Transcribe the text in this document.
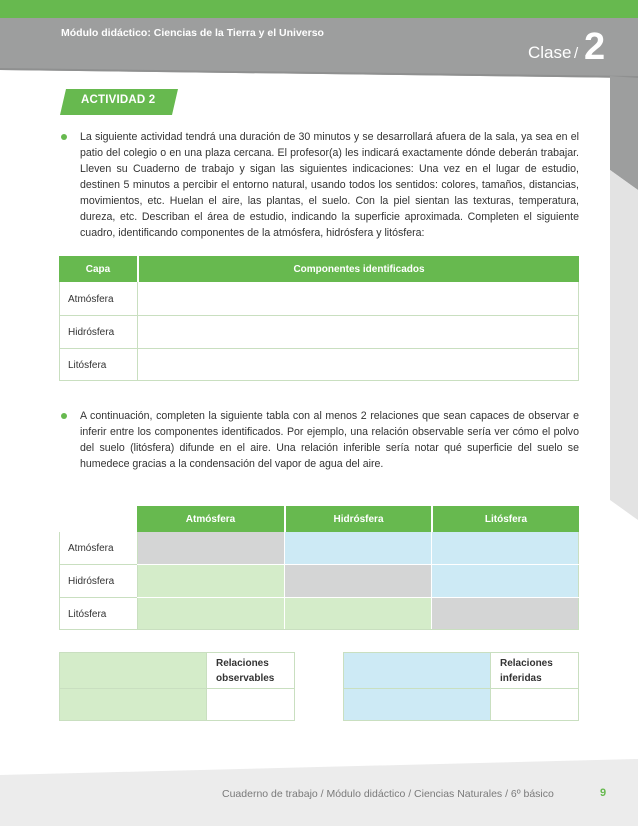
Módulo didáctico: Ciencias de la Tierra y el Universo
Clase / 2
ACTIVIDAD 2

La siguiente actividad tendrá una duración de 30 minutos y se desarrollará afuera de la sala, ya sea en el patio del colegio o en una plaza cercana. El profesor(a) les indicará exactamente dónde deberán trabajar. Lleven su Cuaderno de trabajo y sigan las siguientes indicaciones: Una vez en el lugar de estudio, destinen 5 minutos a percibir el entorno natural, usando todos los sentidos: colores, tamaños, distancias, movimientos, etc. Huelan el aire, las plantas, el suelo. Con la piel sientan las texturas, temperatura, dureza, etc. Describan el área de estudio, indicando la superficie aproximada. Completen el siguiente cuadro, identificando componentes de la atmósfera, hidrósfera y litósfera:

Capa	Componentes identificados
Atmósfera
Hidrósfera
Litósfera

A continuación, completen la siguiente tabla con al menos 2 relaciones que sean capaces de observar e inferir entre los componentes identificados. Por ejemplo, una relación observable sería ver cómo el polvo del suelo (litósfera) difunde en el aire. Una relación inferible sería notar qué superficie del suelo se humedece gracias a la condensación del vapor de agua del aire.

Atmósfera	Hidrósfera	Litósfera
Atmósfera
Hidrósfera
Litósfera
Relaciones observables
Relaciones inferidas
Cuaderno de trabajo / Módulo didáctico / Ciencias Naturales / 6º básico	9
